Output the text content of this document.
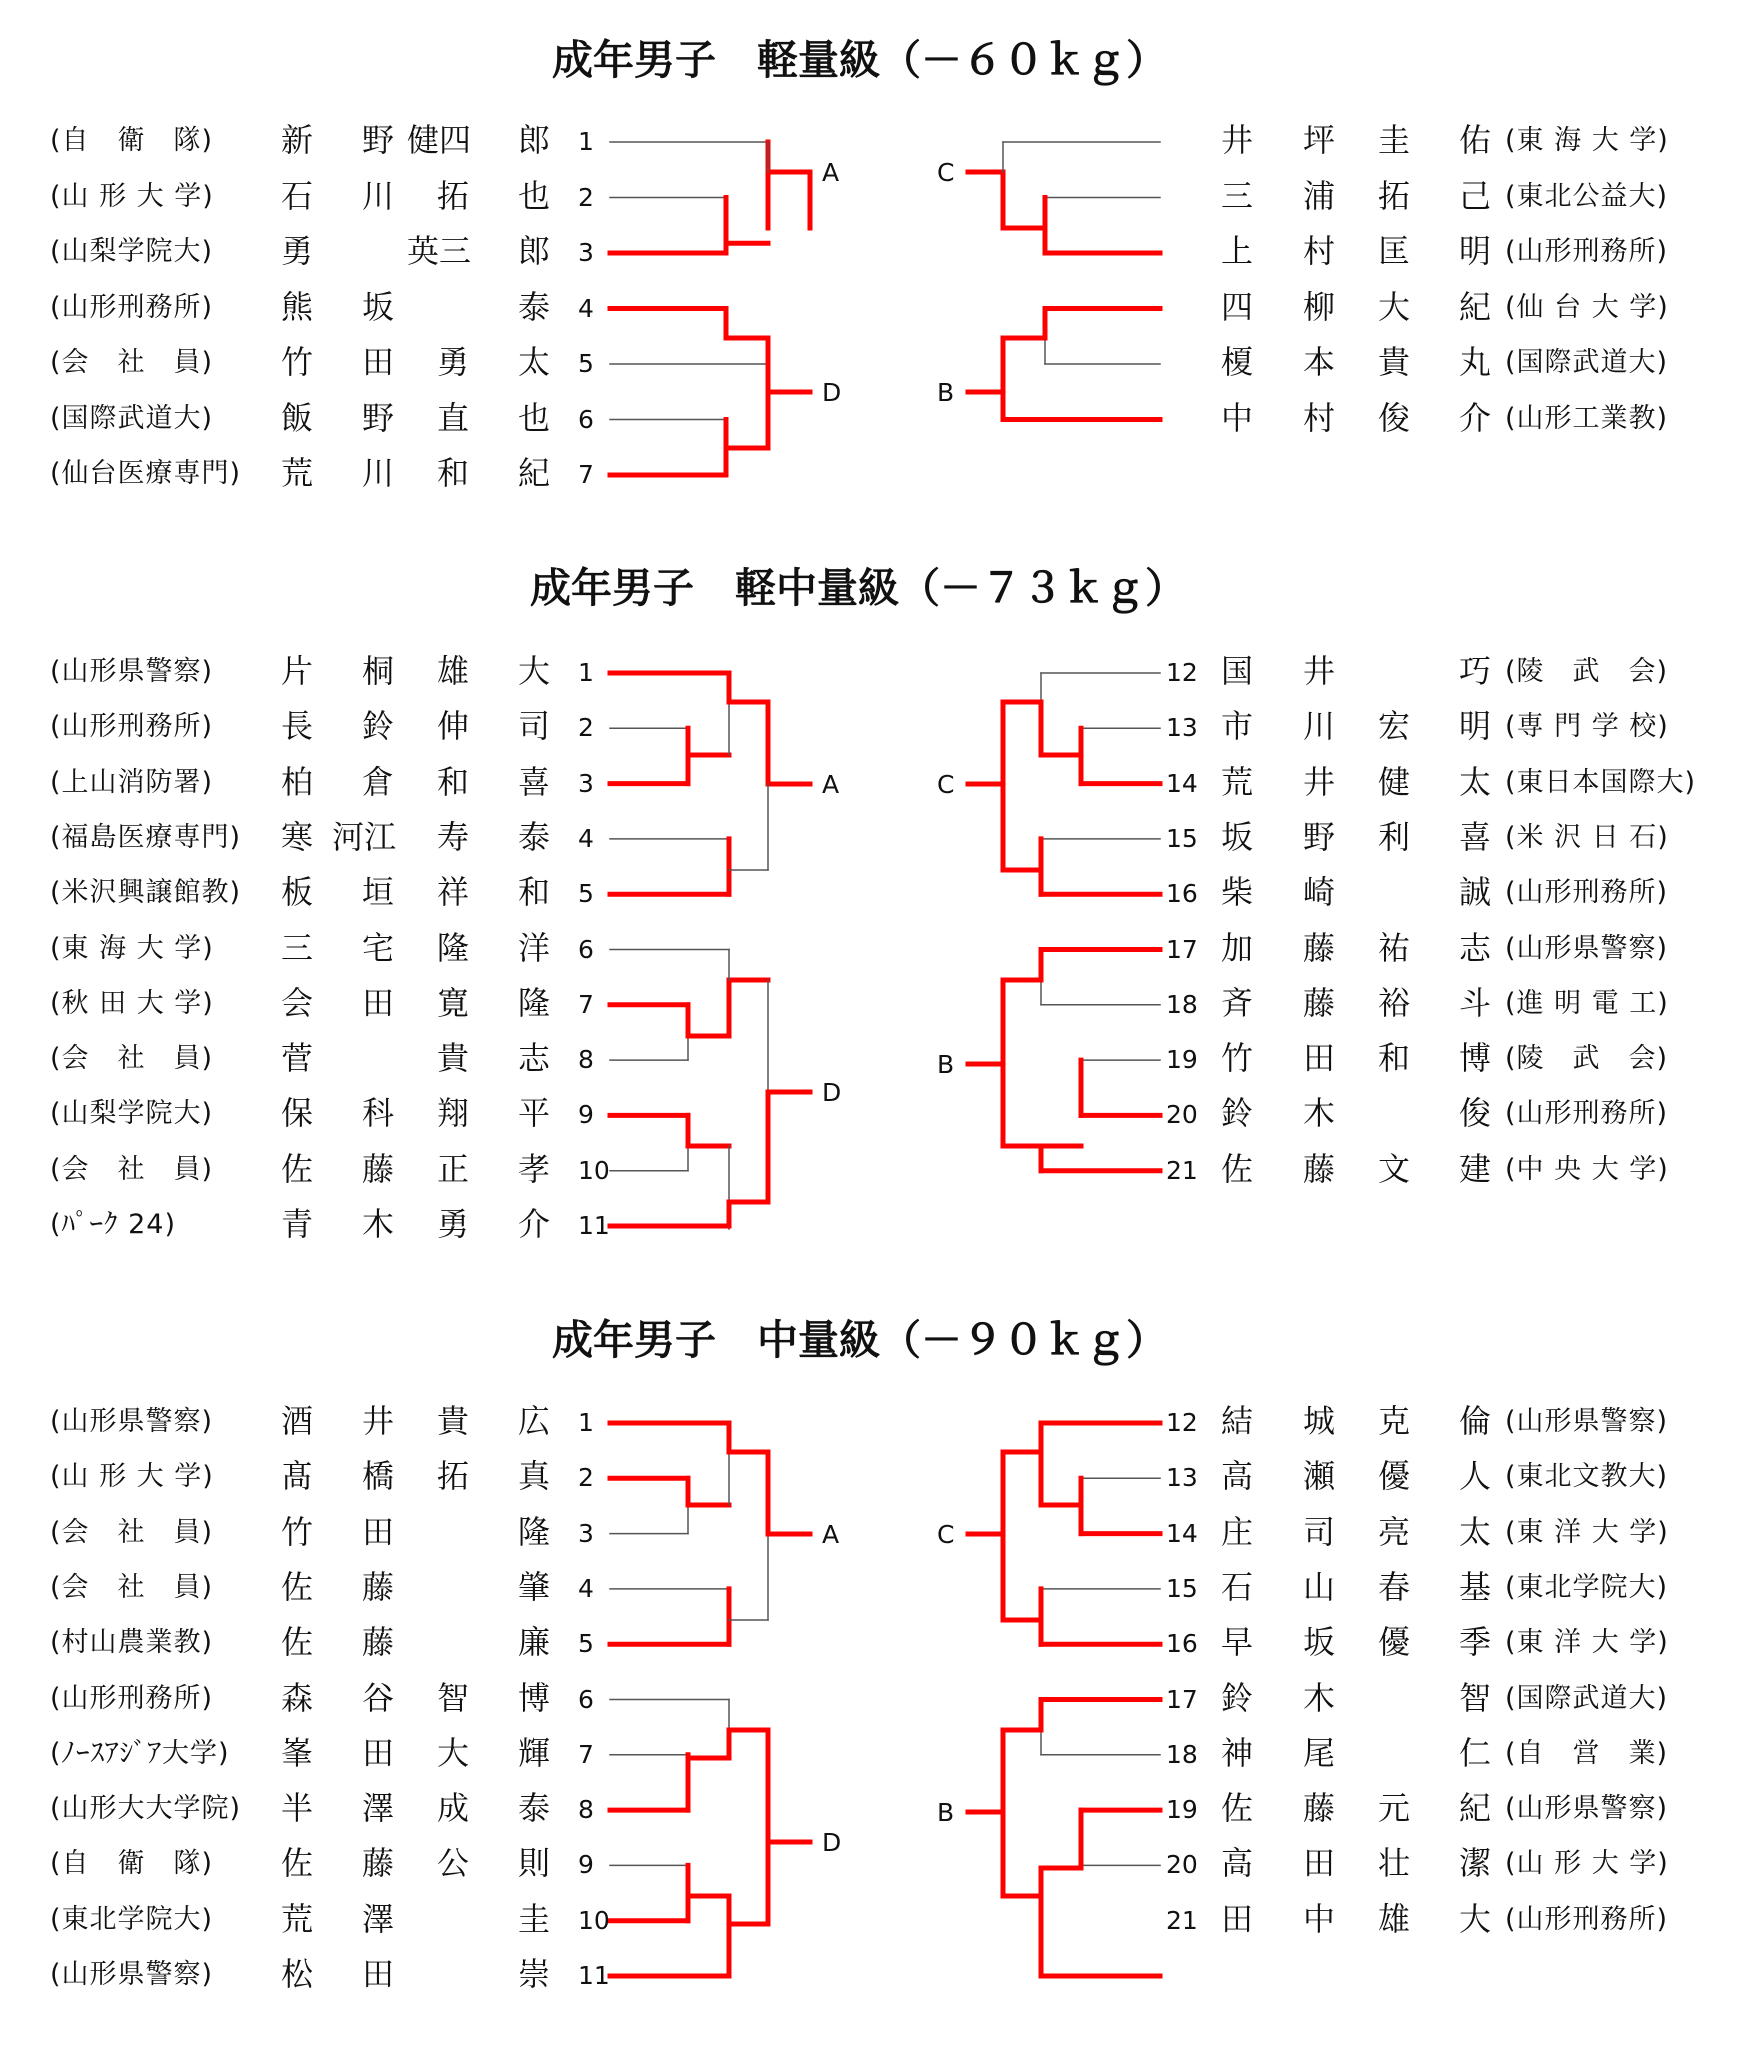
成年男子　軽量級（－６０ｋｇ）
(自　衛　隊) 新 野 健四 郎 1
(山 形 大 学) 石 川 拓 也 2
(山梨学院大) 勇	英三 郎 3
(山形刑務所) 熊 坂	泰 4
(会　社　員) 竹 田 勇 太 5
(国際武道大) 飯 野 直 也 6
(仙台医療専門) 荒 川 和 紀 7
井 坪 圭 佑 (東 海 大 学)
三 浦 拓 己 (東北公益大)
上 村 匡 明 (山形刑務所)
四 柳 大 紀 (仙 台 大 学)
榎 本 貴 丸 (国際武道大)
中 村 俊 介 (山形工業教)
成年男子　軽中量級（－７３ｋｇ）
(山形県警察) 片 桐 雄 大 1
(山形刑務所) 長 鈴 伸 司 2
(上山消防署) 柏 倉 和 喜 3
(福島医療専門) 寒 河江 寿 泰 4
(米沢興譲館教) 板 垣 祥 和 5
(東 海 大 学) 三 宅 隆 洋 6
(秋 田 大 学) 会 田 寛 隆 7
(会　社　員) 菅	貴 志 8
(山梨学院大) 保 科 翔 平 9
(会　社　員) 佐 藤 正 孝 10
(ﾊﾟｰｸ 24)	青 木 勇 介 11
12 国 井	巧 (陵　武　会)
13 市 川 宏 明 (専 門 学 校)
14 荒 井 健 太 (東日本国際大)
15 坂 野 利 喜 (米 沢 日 石)
16 柴 崎	誠 (山形刑務所)
17 加 藤 祐 志 (山形県警察)
18 斉 藤 裕 斗 (進 明 電 工)
19 竹 田 和 博 (陵　武　会)
20 鈴 木	俊 (山形刑務所)
21 佐 藤 文 建 (中 央 大 学)
成年男子　中量級（－９０ｋｇ）
(山形県警察) 酒 井 貴 広 1
(山 形 大 学) 髙 橋 拓 真 2
(会　社　員) 竹 田	隆 3
(会　社　員) 佐 藤	肇 4
(村山農業教) 佐 藤	廉 5
(山形刑務所) 森 谷 智 博 6
(ﾉｰｽｱｼﾞｱ大学) 峯 田 大 輝 7
(山形大大学院) 半 澤 成 泰 8
(自　衛　隊) 佐 藤 公 則 9
(東北学院大) 荒 澤	圭 10
(山形県警察) 松 田	崇 11
12 結 城 克 倫 (山形県警察)
13 高 瀬 優 人 (東北文教大)
14 庄 司 亮 太 (東 洋 大 学)
15 石 山 春 基 (東北学院大)
16 早 坂 優 季 (東 洋 大 学)
17 鈴 木	智 (国際武道大)
18 神 尾	仁 (自　営　業)
19 佐 藤 元 紀 (山形県警察)
20 高 田 壮 潔 (山 形 大 学)
21 田 中 雄 大 (山形刑務所)
A
D
C
B
A
D
C
B
A
D
C
B
